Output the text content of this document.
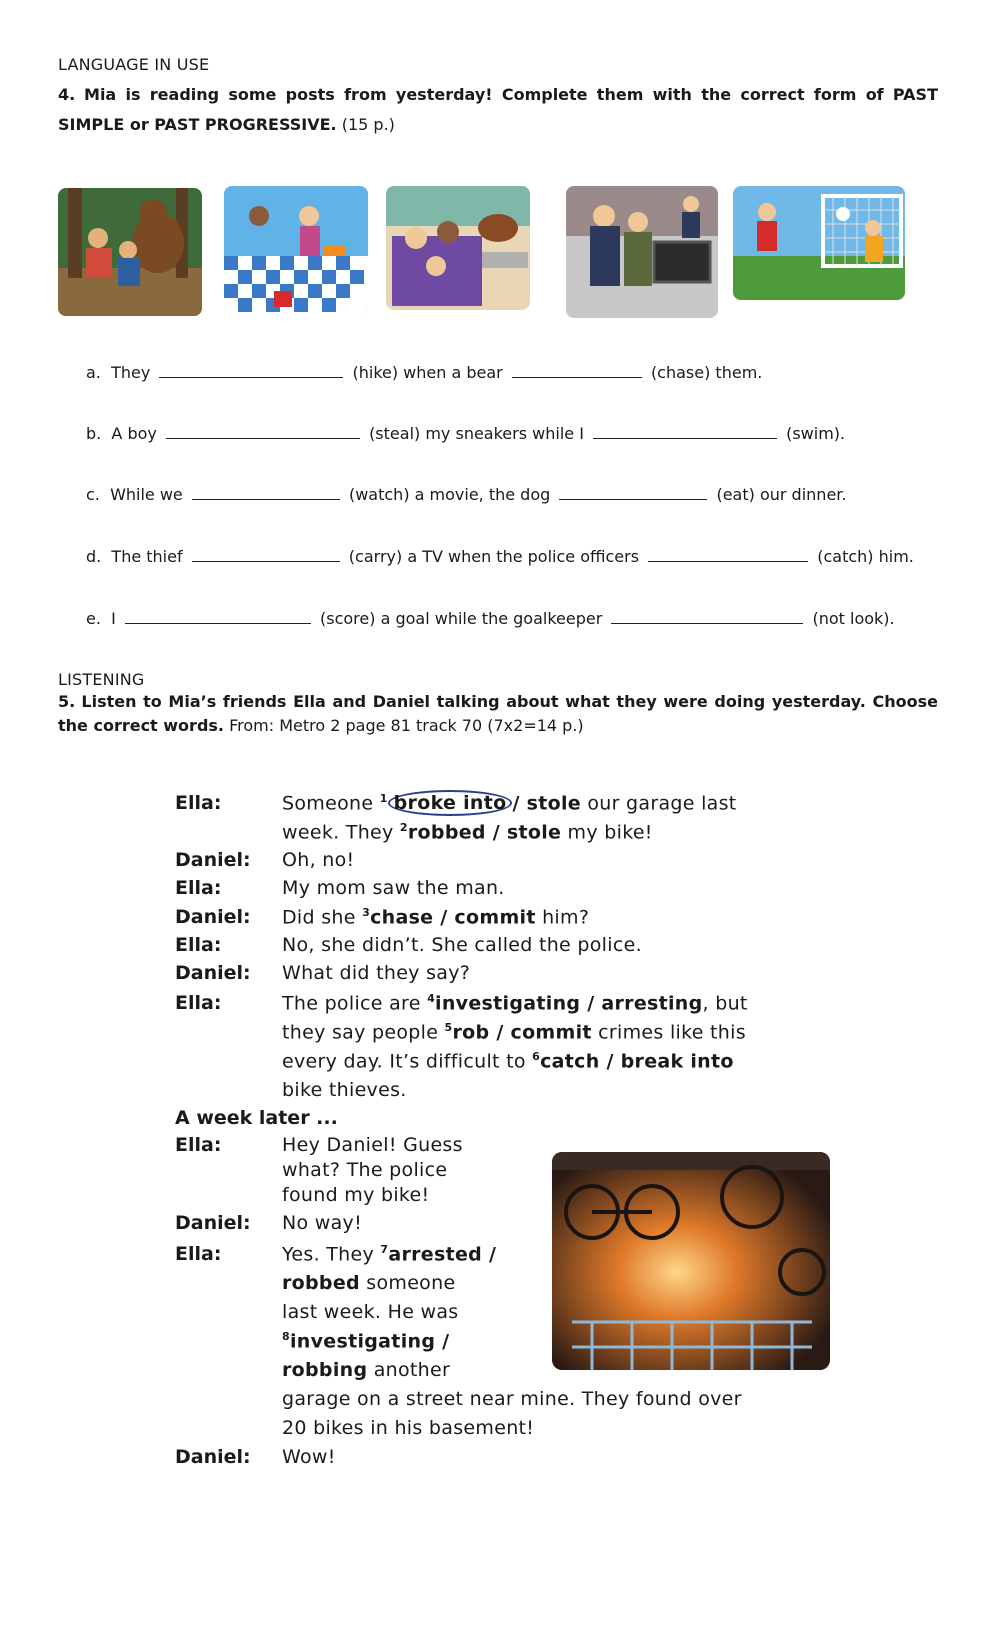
LANGUAGE IN USE
4. Mia is reading some posts from yesterday! Complete them with the correct form of PAST SIMPLE or PAST PROGRESSIVE. (15 p.)
a. They	(hike) when a bear	(chase) them.
b. A boy	(steal) my sneakers while I	(swim).
c. While we	(watch) a movie, the dog	(eat) our dinner.
d. The thief	(carry) a TV when the police officers	(catch) him.
e. I	(score) a goal while the goalkeeper	(not look).
LISTENING
5. Listen to Mia’s friends Ella and Daniel talking about what they were doing yesterday. Choose the correct words. From: Metro 2 page 81 track 70 (7x2=14 p.)
Ella:	Someone $^1$ broke into / stole our garage last
week. They $^2$robbed / stole my bike!
Daniel: Oh, no!
Ella:	My mom saw the man.
Daniel: Did she $^3$chase / commit him?
Ella:	No, she didn’t. She called the police.
Daniel: What did they say?
Ella:	The police are $^4$investigating / arresting, but
they say people $^5$rob / commit crimes like this
every day. It’s difficult to $^6$catch / break into
bike thieves.
A week later ...
Ella:	Hey Daniel! Guess
what? The police
found my bike!
Daniel: No way!
Ella:	Yes. They $^7$arrested /
robbed someone
last week. He was
$^8$investigating /
robbing another
garage on a street near mine. They found over
20 bikes in his basement!
Daniel: Wow!
